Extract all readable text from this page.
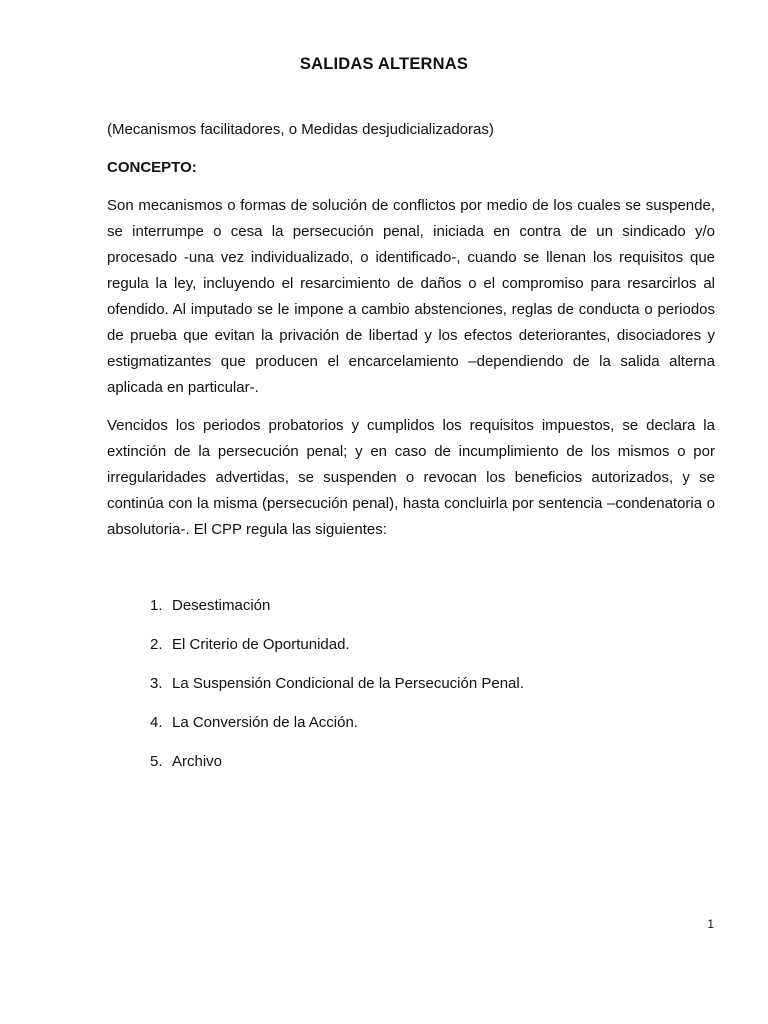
SALIDAS ALTERNAS
(Mecanismos facilitadores, o Medidas desjudicializadoras)
CONCEPTO:
Son mecanismos o formas de solución de conflictos por medio de los cuales se suspende, se interrumpe o cesa la persecución penal, iniciada en contra de un sindicado y/o procesado -una vez individualizado, o identificado-, cuando se llenan los requisitos que regula la ley, incluyendo el resarcimiento de daños o el compromiso para resarcirlos al ofendido. Al imputado se le impone a cambio abstenciones, reglas de conducta o periodos de prueba que evitan la privación de libertad y los efectos deteriorantes, disociadores y estigmatizantes que producen el encarcelamiento –dependiendo de la salida alterna aplicada en particular-.
Vencidos los periodos probatorios y cumplidos los requisitos impuestos, se declara la extinción de la persecución penal; y en caso de incumplimiento de los mismos o por irregularidades advertidas, se suspenden o revocan los beneficios autorizados, y se continúa con la misma (persecución penal), hasta concluirla por sentencia –condenatoria o absolutoria-. El CPP regula las siguientes:
1. Desestimación
2. El Criterio de Oportunidad.
3. La Suspensión Condicional de la Persecución Penal.
4. La Conversión de la Acción.
5. Archivo
1
